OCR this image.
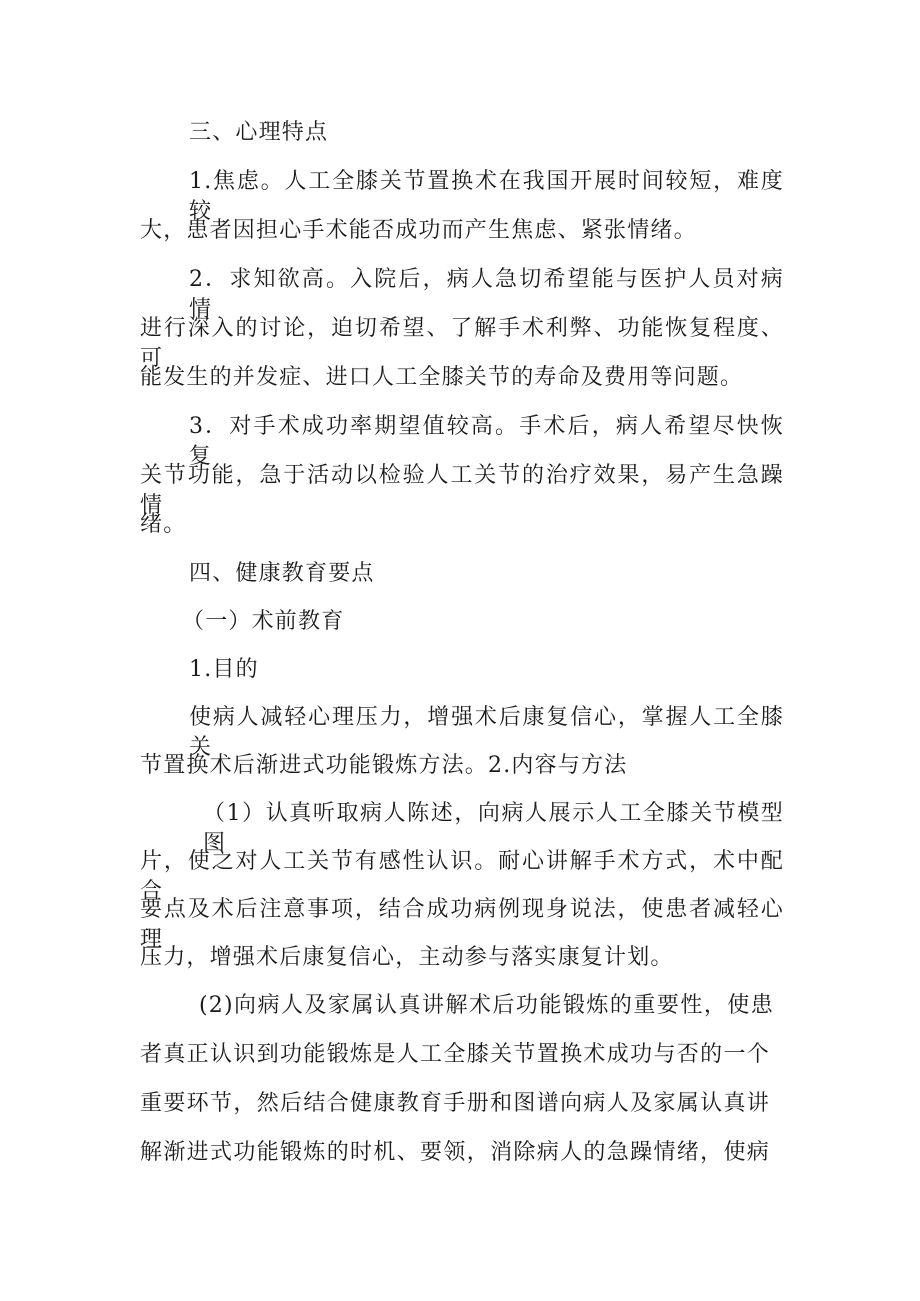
三、心理特点
1.焦虑。人工全膝关节置换术在我国开展时间较短，难度较
大，患者因担心手术能否成功而产生焦虑、紧张情绪。
2．求知欲高。入院后，病人急切希望能与医护人员对病情
进行深入的讨论，迫切希望、了解手术利弊、功能恢复程度、可
能发生的并发症、进口人工全膝关节的寿命及费用等问题。
3．对手术成功率期望值较高。手术后，病人希望尽快恢复
关节功能，急于活动以检验人工关节的治疗效果，易产生急躁情
绪。
四、健康教育要点
（一）术前教育
1.目的
使病人减轻心理压力，增强术后康复信心，掌握人工全膝关
节置换术后渐进式功能锻炼方法。2.内容与方法
（1）认真听取病人陈述，向病人展示人工全膝关节模型图
片，使之对人工关节有感性认识。耐心讲解手术方式，术中配合
要点及术后注意事项，结合成功病例现身说法，使患者减轻心理
压力，增强术后康复信心，主动参与落实康复计划。
(2)向病人及家属认真讲解术后功能锻炼的重要性，使患
者真正认识到功能锻炼是人工全膝关节置换术成功与否的一个
重要环节，然后结合健康教育手册和图谱向病人及家属认真讲
解渐进式功能锻炼的时机、要领，消除病人的急躁情绪，使病
